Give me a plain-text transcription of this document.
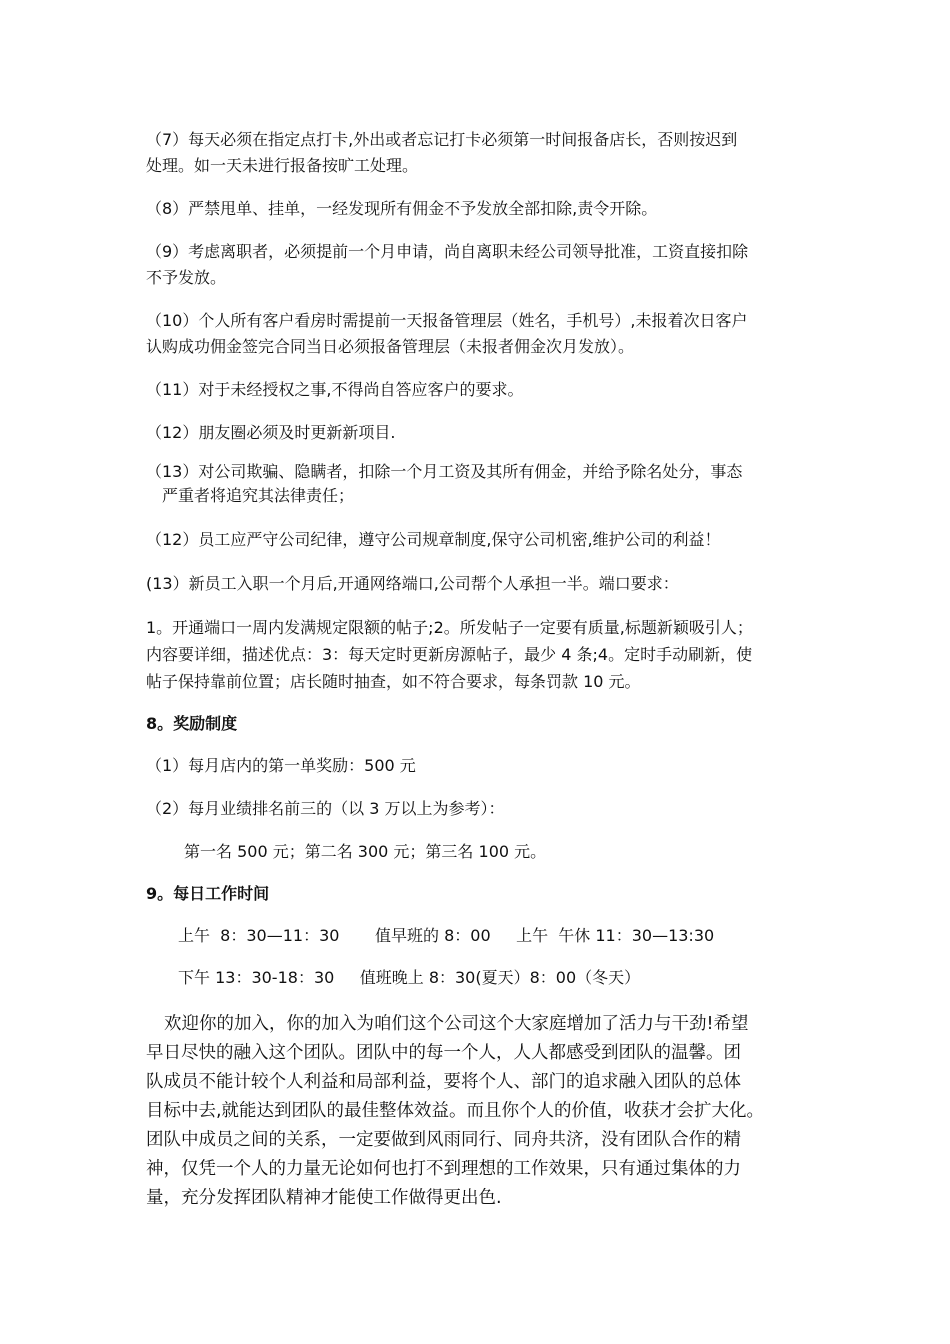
（7）每天必须在指定点打卡,外出或者忘记打卡必须第一时间报备店长，否则按迟到
处理。如一天未进行报备按旷工处理。
（8）严禁甩单、挂单，一经发现所有佣金不予发放全部扣除,责令开除。
（9）考虑离职者，必须提前一个月申请，尚自离职未经公司领导批准，工资直接扣除
不予发放。
（10）个人所有客户看房时需提前一天报备管理层（姓名，手机号）,未报着次日客户
认购成功佣金签完合同当日必须报备管理层（未报者佣金次月发放）。
（11）对于未经授权之事,不得尚自答应客户的要求。
（12）朋友圈必须及时更新新项目.
（13）对公司欺骗、隐瞒者，扣除一个月工资及其所有佣金，并给予除名处分，事态
严重者将追究其法律责任；
（12）员工应严守公司纪律，遵守公司规章制度,保守公司机密,维护公司的利益！
(13）新员工入职一个月后,开通网络端口,公司帮个人承担一半。端口要求：
1。开通端口一周内发满规定限额的帖子;2。所发帖子一定要有质量,标题新颖吸引人；
内容要详细，描述优点：3：每天定时更新房源帖子，最少 4 条;4。定时手动刷新，使
帖子保持靠前位置；店长随时抽查，如不符合要求，每条罚款 10 元。
8。奖励制度
（1）每月店内的第一单奖励：500 元
（2）每月业绩排名前三的（以 3 万以上为参考）：
第一名 500 元；第二名 300 元；第三名 100 元。
9。每日工作时间
上午  8：30—11：30       值早班的 8：00     上午  午休 11：30—13:30
下午 13：30-18：30     值班晚上 8：30(夏天）8：00（冬天）
欢迎你的加入，你的加入为咱们这个公司这个大家庭增加了活力与干劲!希望
早日尽快的融入这个团队。团队中的每一个人，人人都感受到团队的温馨。团
队成员不能计较个人利益和局部利益，要将个人、部门的追求融入团队的总体
目标中去,就能达到团队的最佳整体效益。而且你个人的价值，收获才会扩大化。
团队中成员之间的关系，一定要做到风雨同行、同舟共济，没有团队合作的精
神，仅凭一个人的力量无论如何也打不到理想的工作效果，只有通过集体的力
量，充分发挥团队精神才能使工作做得更出色.
